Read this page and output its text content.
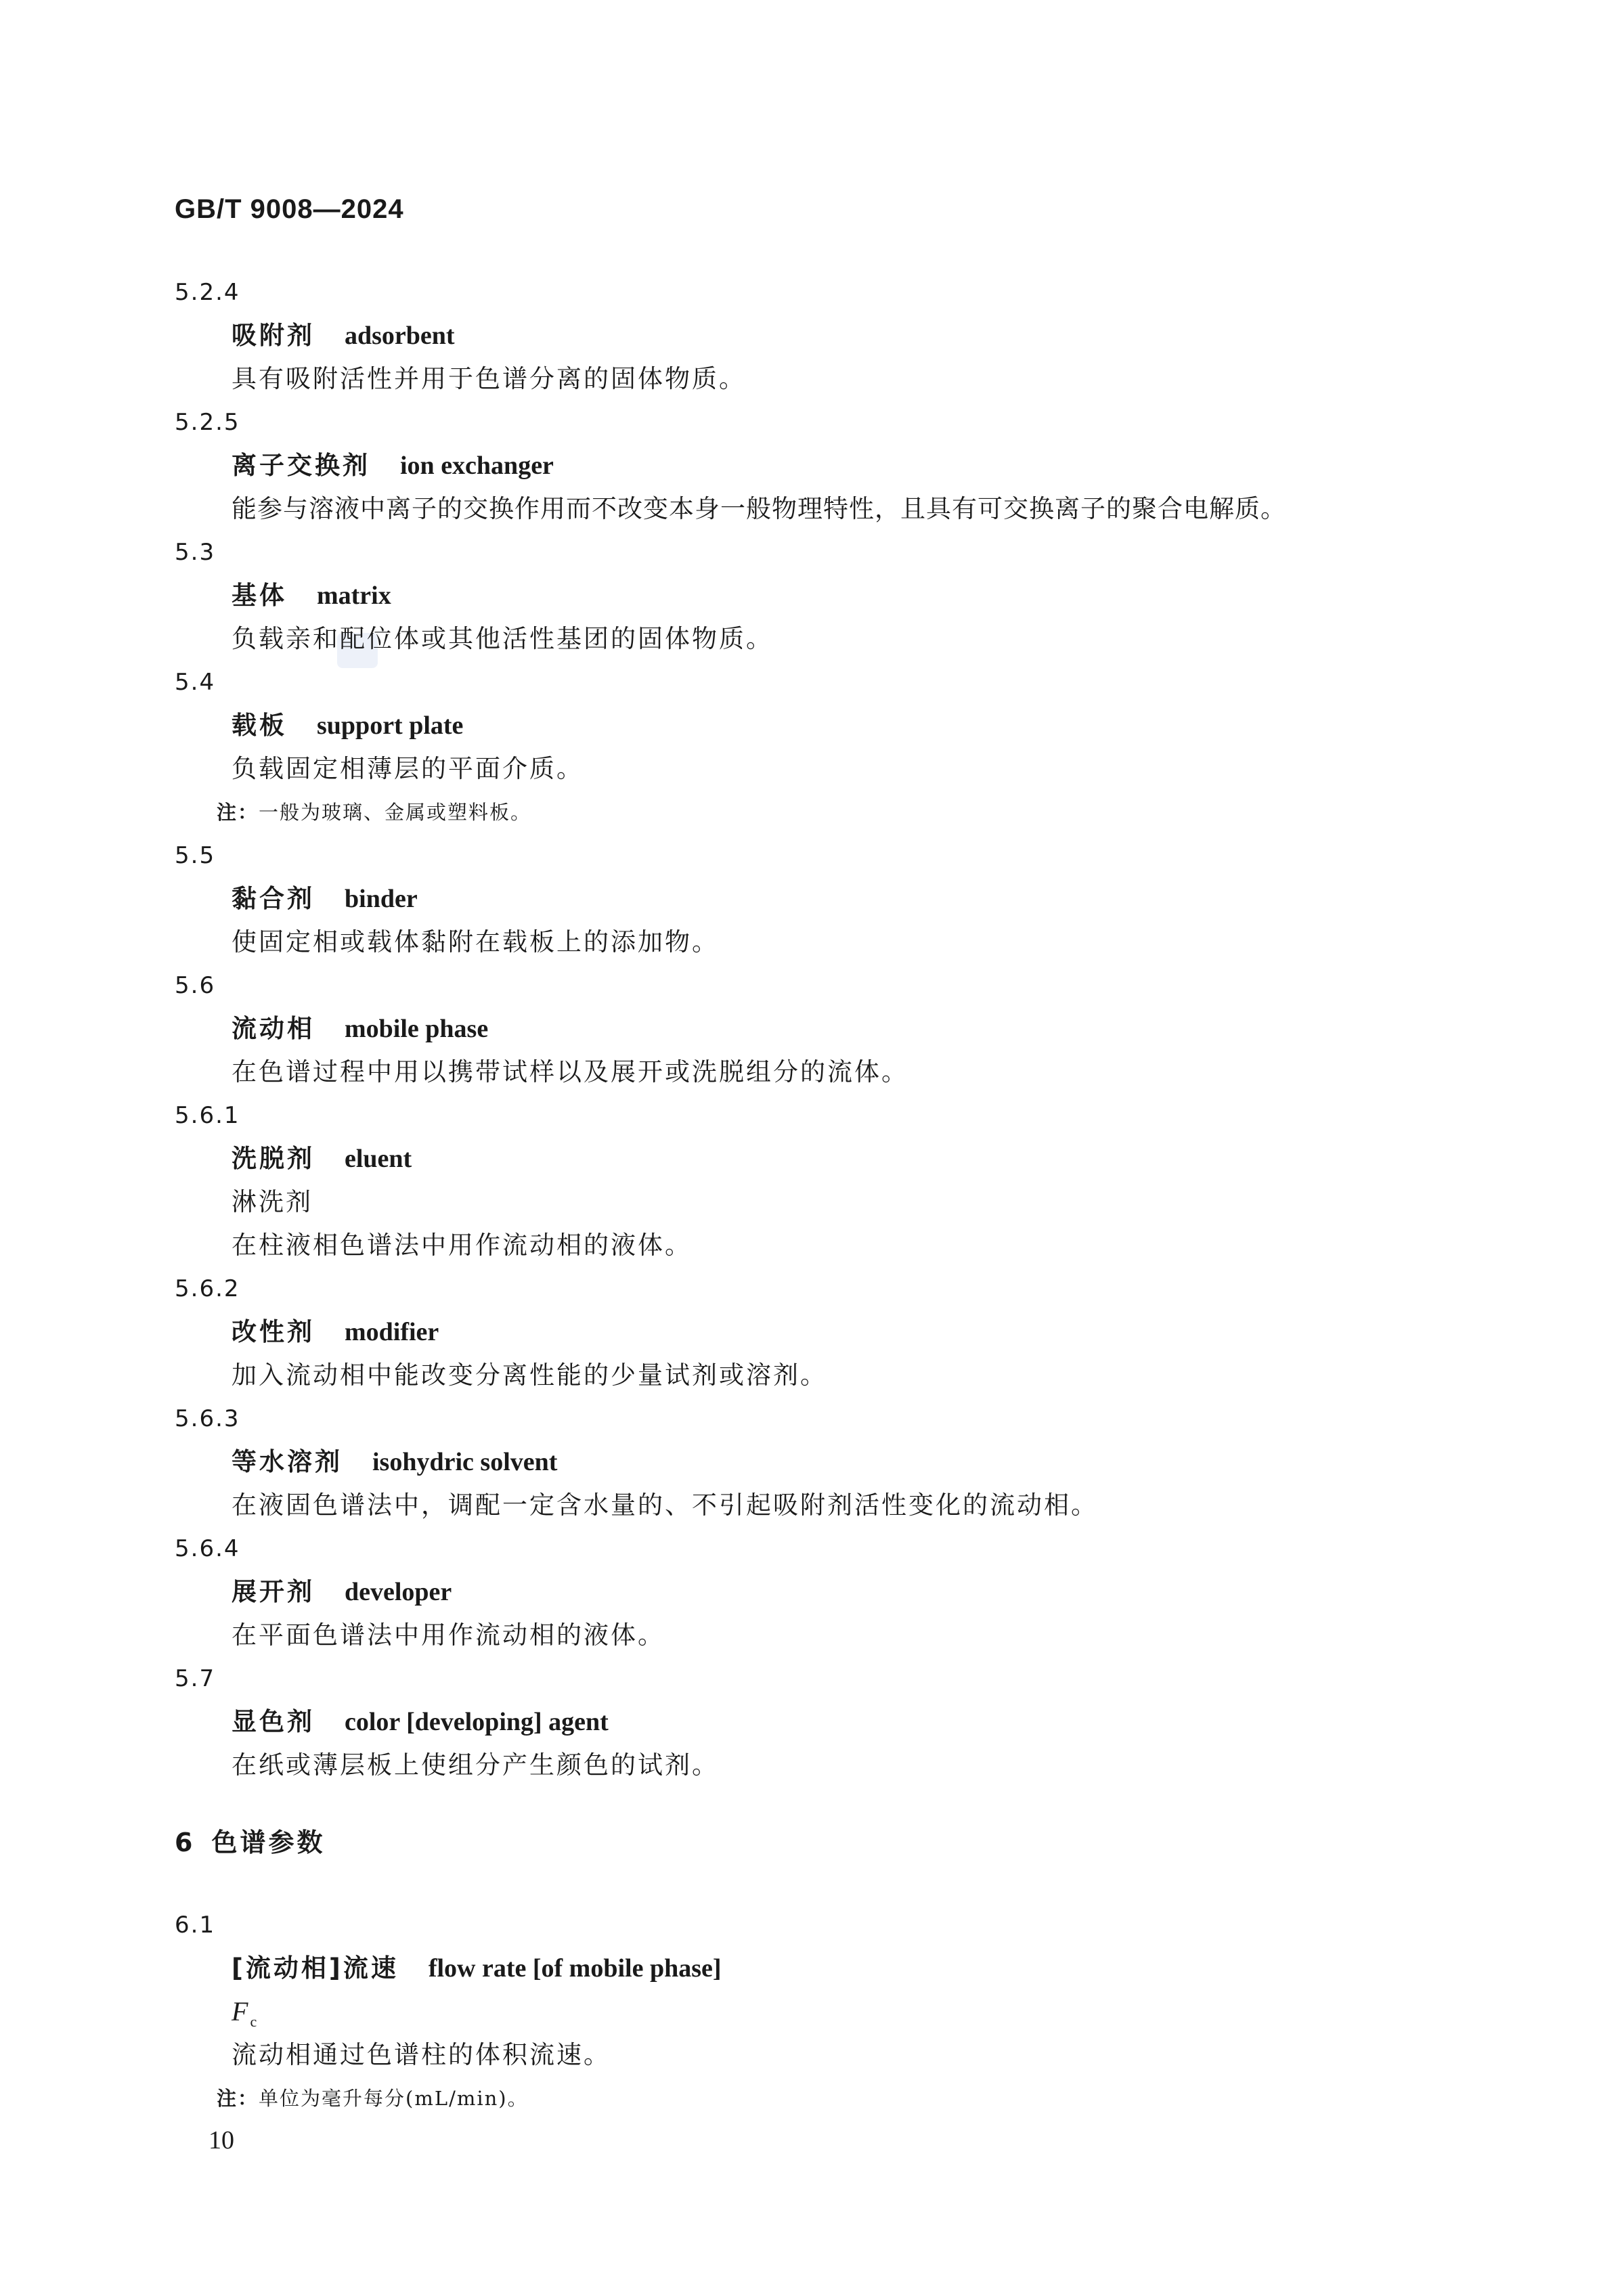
GB/T 9008—2024
5.2.4
吸附剂 adsorbent
具有吸附活性并用于色谱分离的固体物质。
5.2.5
离子交换剂 ion exchanger
能参与溶液中离子的交换作用而不改变本身一般物理特性，且具有可交换离子的聚合电解质。
5.3
基体 matrix
负载亲和配位体或其他活性基团的固体物质。
5.4
载板 support plate
负载固定相薄层的平面介质。
注：一般为玻璃、金属或塑料板。
5.5
黏合剂 binder
使固定相或载体黏附在载板上的添加物。
5.6
流动相 mobile phase
在色谱过程中用以携带试样以及展开或洗脱组分的流体。
5.6.1
洗脱剂 eluent
淋洗剂
在柱液相色谱法中用作流动相的液体。
5.6.2
改性剂 modifier
加入流动相中能改变分离性能的少量试剂或溶剂。
5.6.3
等水溶剂 isohydric solvent
在液固色谱法中，调配一定含水量的、不引起吸附剂活性变化的流动相。
5.6.4
展开剂 developer
在平面色谱法中用作流动相的液体。
5.7
显色剂 color [developing] agent
在纸或薄层板上使组分产生颜色的试剂。
6 色谱参数
6.1
[流动相]流速 flow rate [of mobile phase]
$F_c$
流动相通过色谱柱的体积流速。
注：单位为毫升每分(mL/min)。
10
